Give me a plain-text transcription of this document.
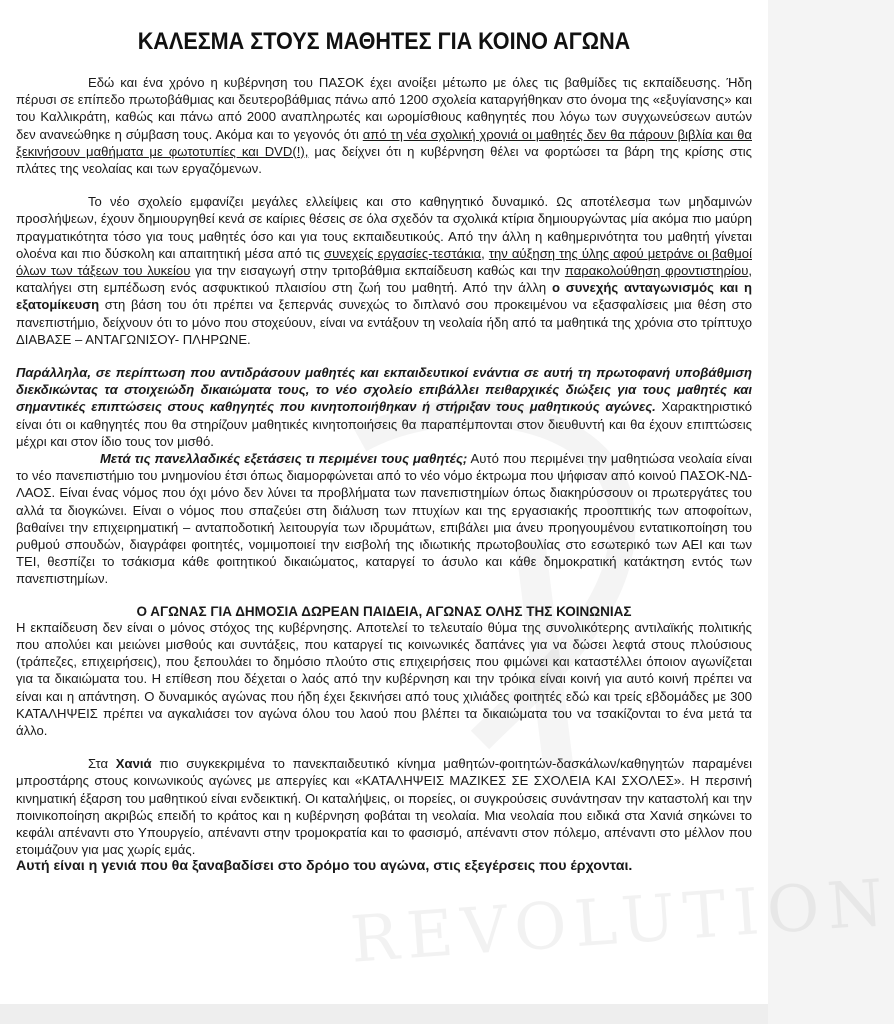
REVOLUTION
ΚΑΛΕΣΜΑ ΣΤΟΥΣ ΜΑΘΗΤΕΣ ΓΙΑ ΚΟΙΝΟ ΑΓΩΝΑ

Εδώ και ένα χρόνο η κυβέρνηση του ΠΑΣΟΚ έχει ανοίξει μέτωπο με όλες τις βαθμίδες τις εκπαίδευσης. Ήδη πέρυσι σε επίπεδο πρωτοβάθμιας και δευτεροβάθμιας πάνω από 1200 σχολεία καταργήθηκαν στο όνομα της «εξυγίανσης» και του Καλλικράτη, καθώς και πάνω από 2000 αναπληρωτές και ωρομίσθιους καθηγητές που λόγω των συγχωνεύσεων αυτών δεν ανανεώθηκε η σύμβαση τους. Ακόμα και το γεγονός ότι από τη νέα σχολική χρονιά οι μαθητές δεν θα πάρουν βιβλία και θα ξεκινήσουν μαθήματα με φωτοτυπίες και DVD(!), μας δείχνει ότι η κυβέρνηση θέλει να φορτώσει τα βάρη της κρίσης στις πλάτες της νεολαίας και των εργαζόμενων.

Το νέο σχολείο εμφανίζει μεγάλες ελλείψεις και στο καθηγητικό δυναμικό. Ως αποτέλεσμα των μηδαμινών προσλήψεων, έχουν δημιουργηθεί κενά σε καίριες θέσεις σε όλα σχεδόν τα σχολικά κτίρια δημιουργώντας μία ακόμα πιο μαύρη πραγματικότητα τόσο για τους μαθητές όσο και για τους εκπαιδευτικούς. Από την άλλη η καθημερινότητα του μαθητή γίνεται ολοένα και πιο δύσκολη και απαιτητική μέσα από τις συνεχείς εργασίες-τεστάκια, την αύξηση της ύλης αφού μετράνε οι βαθμοί όλων των τάξεων του λυκείου για την εισαγωγή στην τριτοβάθμια εκπαίδευση καθώς και την παρακολούθηση φροντιστηρίου, καταλήγει στη εμπέδωση ενός ασφυκτικού πλαισίου στη ζωή του μαθητή. Από την άλλη ο συνεχής ανταγωνισμός και η εξατομίκευση στη βάση του ότι πρέπει να ξεπερνάς συνεχώς το διπλανό σου προκειμένου να εξασφαλίσεις μια θέση στο πανεπιστήμιο, δείχνουν ότι το μόνο που στοχεύουν, είναι να εντάξουν τη νεολαία ήδη από τα μαθητικά της χρόνια στο τρίπτυχο ΔΙΑΒΑΣΕ – ΑΝΤΑΓΩΝΙΣΟΥ- ΠΛΗΡΩΝΕ.

Παράλληλα, σε περίπτωση που αντιδράσουν μαθητές και εκπαιδευτικοί ενάντια σε αυτή τη πρωτοφανή υποβάθμιση διεκδικώντας τα στοιχειώδη δικαιώματα τους, το νέο σχολείο επιβάλλει πειθαρχικές διώξεις για τους μαθητές και σημαντικές επιπτώσεις στους καθηγητές που κινητοποιήθηκαν ή στήριξαν τους μαθητικούς αγώνες. Χαρακτηριστικό είναι ότι οι καθηγητές που θα στηρίζουν μαθητικές κινητοποιήσεις θα παραπέμπονται στον διευθυντή και θα έχουν επιπτώσεις μέχρι και στον ίδιο τους τον μισθό.

Μετά τις πανελλαδικές εξετάσεις τι περιμένει τους μαθητές; Αυτό που περιμένει την μαθητιώσα νεολαία είναι το νέο πανεπιστήμιο του μνημονίου έτσι όπως διαμορφώνεται από το νέο νόμο έκτρωμα που ψήφισαν από κοινού ΠΑΣΟΚ-ΝΔ-ΛΑΟΣ. Είναι ένας νόμος που όχι μόνο δεν λύνει τα προβλήματα των πανεπιστημίων όπως διακηρύσσουν οι πρωτεργάτες του αλλά τα διογκώνει. Είναι ο νόμος που σπαζεύει στη διάλυση των πτυχίων και της εργασιακής προοπτικής των αποφοίτων, βαθαίνει την επιχειρηματική – ανταποδοτική λειτουργία των ιδρυμάτων, επιβάλει μια άνευ προηγουμένου εντατικοποίηση του ρυθμού σπουδών, διαγράφει φοιτητές, νομιμοποιεί την εισβολή της ιδιωτικής πρωτοβουλίας στο εσωτερικό των ΑΕΙ και των ΤΕΙ, θεσπίζει το τσάκισμα κάθε φοιτητικού δικαιώματος, καταργεί το άσυλο και κάθε δημοκρατική κατάκτηση εντός των πανεπιστημίων.

Ο ΑΓΩΝΑΣ ΓΙΑ ΔΗΜΟΣΙΑ ΔΩΡΕΑΝ ΠΑΙΔΕΙΑ, ΑΓΩΝΑΣ ΟΛΗΣ ΤΗΣ ΚΟΙΝΩΝΙΑΣ

Η εκπαίδευση δεν είναι ο μόνος στόχος της κυβέρνησης. Αποτελεί το τελευταίο θύμα της συνολικότερης αντιλαϊκής πολιτικής που απολύει και μειώνει μισθούς και συντάξεις, που καταργεί τις κοινωνικές δαπάνες για να δώσει λεφτά στους πλούσιους (τράπεζες, επιχειρήσεις), που ξεπουλάει το δημόσιο πλούτο στις επιχειρήσεις που φιμώνει και καταστέλλει όποιον αγωνίζεται για τα δικαιώματα του. Η επίθεση που δέχεται ο λαός από την κυβέρνηση και την τρόικα είναι κοινή για αυτό κοινή πρέπει να είναι και η απάντηση. Ο δυναμικός αγώνας που ήδη έχει ξεκινήσει από τους χιλιάδες φοιτητές εδώ και τρείς εβδομάδες με 300 ΚΑΤΑΛΗΨΕΙΣ πρέπει να αγκαλιάσει τον αγώνα όλου του λαού που βλέπει τα δικαιώματα του να τσακίζονται το ένα μετά τα άλλο.

Στα Χανιά πιο συγκεκριμένα το πανεκπαιδευτικό κίνημα μαθητών-φοιτητών-δασκάλων/καθηγητών παραμένει μπροστάρης στους κοινωνικούς αγώνες με απεργίες και «ΚΑΤΑΛΗΨΕΙΣ ΜΑΖΙΚΕΣ ΣΕ ΣΧΟΛΕΙΑ ΚΑΙ ΣΧΟΛΕΣ». Η περσινή κινηματική έξαρση του μαθητικού είναι ενδεικτική. Οι καταλήψεις, οι πορείες, οι συγκρούσεις συνάντησαν την καταστολή και την ποινικοποίηση ακριβώς επειδή το κράτος και η κυβέρνηση φοβάται τη νεολαία. Μια νεολαία που ειδικά στα Χανιά σηκώνει το κεφάλι απέναντι στο Υπουργείο, απέναντι στην τρομοκρατία και το φασισμό, απέναντι στον πόλεμο, απέναντι στο μέλλον που ετοιμάζουν για μας χωρίς εμάς.

Αυτή είναι η γενιά που θα ξαναβαδίσει στο δρόμο του αγώνα, στις εξεγέρσεις που έρχονται.
